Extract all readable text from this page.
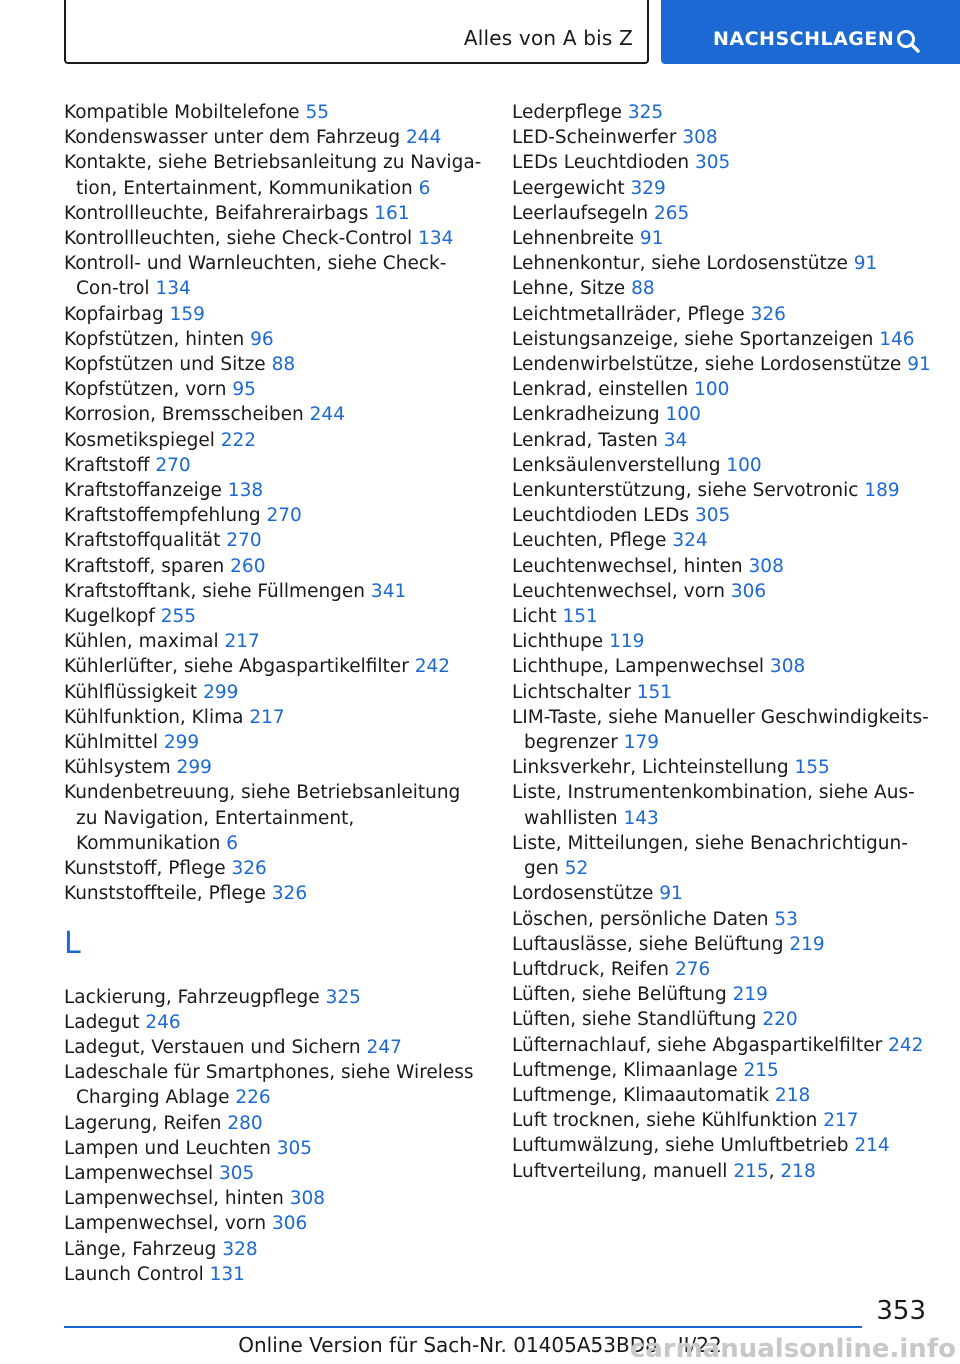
Alles von A bis Z	NACHSCHLAGEN
Kompatible Mobiltelefone 55
Kondenswasser unter dem Fahrzeug 244
Kontakte, siehe Betriebsanleitung zu Naviga-tion, Entertainment, Kommunikation 6
Kontrollleuchte, Beifahrerairbags 161
Kontrollleuchten, siehe Check-Control 134
Kontroll- und Warnleuchten, siehe Check-Con-trol 134
Kopfairbag 159
Kopfstützen, hinten 96
Kopfstützen und Sitze 88
Kopfstützen, vorn 95
Korrosion, Bremsscheiben 244
Kosmetikspiegel 222
Kraftstoff 270
Kraftstoffanzeige 138
Kraftstoffempfehlung 270
Kraftstoffqualität 270
Kraftstoff, sparen 260
Kraftstofftank, siehe Füllmengen 341
Kugelkopf 255
Kühlen, maximal 217
Kühlerlüfter, siehe Abgaspartikelfilter 242
Kühlflüssigkeit 299
Kühlfunktion, Klima 217
Kühlmittel 299
Kühlsystem 299
Kundenbetreuung, siehe Betriebsanleitung zu Navigation, Entertainment, Kommunikation 6
Kunststoff, Pflege 326
Kunststoffteile, Pflege 326
L
Lackierung, Fahrzeugpflege 325
Ladegut 246
Ladegut, Verstauen und Sichern 247
Ladeschale für Smartphones, siehe Wireless Charging Ablage 226
Lagerung, Reifen 280
Lampen und Leuchten 305
Lampenwechsel 305
Lampenwechsel, hinten 308
Lampenwechsel, vorn 306
Länge, Fahrzeug 328
Launch Control 131
Lederpflege 325
LED-Scheinwerfer 308
LEDs Leuchtdioden 305
Leergewicht 329
Leerlaufsegeln 265
Lehnenbreite 91
Lehnenkontur, siehe Lordosenstütze 91
Lehne, Sitze 88
Leichtmetallräder, Pflege 326
Leistungsanzeige, siehe Sportanzeigen 146
Lendenwirbelstütze, siehe Lordosenstütze 91
Lenkrad, einstellen 100
Lenkradheizung 100
Lenkrad, Tasten 34
Lenksäulenverstellung 100
Lenkunterstützung, siehe Servotronic 189
Leuchtdioden LEDs 305
Leuchten, Pflege 324
Leuchtenwechsel, hinten 308
Leuchtenwechsel, vorn 306
Licht 151
Lichthupe 119
Lichthupe, Lampenwechsel 308
Lichtschalter 151
LIM-Taste, siehe Manueller Geschwindigkeits-begrenzer 179
Linksverkehr, Lichteinstellung 155
Liste, Instrumentenkombination, siehe Aus-wahllisten 143
Liste, Mitteilungen, siehe Benachrichtigun-gen 52
Lordosenstütze 91
Löschen, persönliche Daten 53
Luftauslässe, siehe Belüftung 219
Luftdruck, Reifen 276
Lüften, siehe Belüftung 219
Lüften, siehe Standlüftung 220
Lüfternachlauf, siehe Abgaspartikelfilter 242
Luftmenge, Klimaanlage 215
Luftmenge, Klimaautomatik 218
Luft trocknen, siehe Kühlfunktion 217
Luftumwälzung, siehe Umluftbetrieb 214
Luftverteilung, manuell 215, 218
353
Online Version für Sach-Nr. 01405A53BD8 - II/22
carmanualsonline.info
